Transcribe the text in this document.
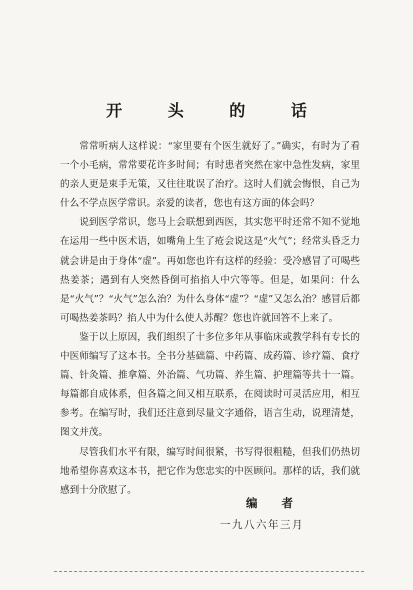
开 头 的 话

常常听病人这样说：“家里要有个医生就好了。”确实，有时为了看一个小毛病，常常要花许多时间；有时患者突然在家中急性发病，家里的亲人更是束手无策，又往往耽误了治疗。这时人们就会悔恨，自己为什么不学点医学常识。亲爱的读者，您也有这方面的体会吗？

说到医学常识，您马上会联想到西医，其实您平时还常不知不觉地在运用一些中医术语，如嘴角上生了疮会说这是“火气”；经常头昏乏力就会讲是由于身体“虚”。再如您也许有这样的经验：受冷感冒了可喝些热姜茶；遇到有人突然昏倒可掐掐人中穴等等。但是，如果问：什么是“火气”？“火气”怎么治？为什么身体“虚”？“虚”又怎么治？感冒后都可喝热姜茶吗？掐人中为什么使人苏醒？您也许就回答不上来了。

鉴于以上原因，我们组织了十多位多年从事临床或教学科有专长的中医师编写了这本书。全书分基础篇、中药篇、成药篇、诊疗篇、食疗篇、针灸篇、推拿篇、外治篇、气功篇、养生篇、护理篇等共十一篇。每篇都自成体系，但各篇之间又相互联系，在阅读时可灵活应用，相互参考。在编写时，我们还注意到尽量文字通俗，语言生动，说理清楚，图文并茂。

尽管我们水平有限，编写时间很紧，书写得很粗糙，但我们仍热切地希望你喜欢这本书，把它作为您忠实的中医顾问。那样的话，我们就感到十分欣慰了。

编 者
一九八六年三月
